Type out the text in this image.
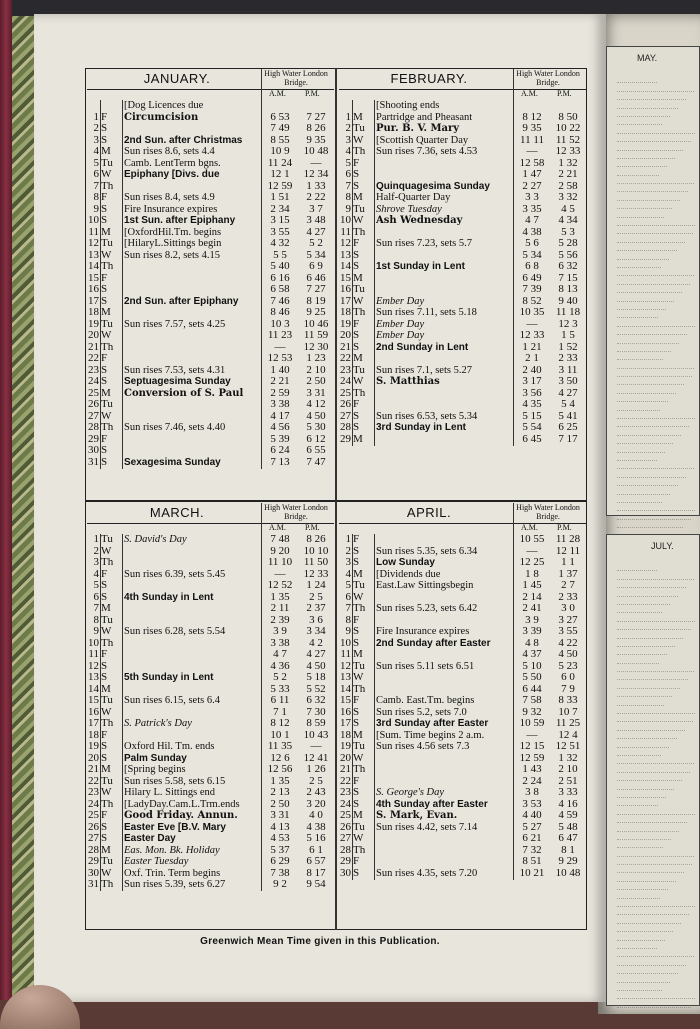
MAY.
JULY.
JANUARY.	High Water London Bridge.
A.M. P.M.
[Dog Licences due
1 F	Circumcision	6 53	7 27
2 S	7 49	8 26
3 S	2nd Sun. after Christmas	8 55	9 35
4 M	Sun rises 8.6, sets 4.4	10 9	10 48
5 Tu	Camb. LentTerm bgns.	11 24	—
6 W	Epiphany [Divs. due	12 1	12 34
7 Th	12 59	1 33
8 F	Sun rises 8.4, sets 4.9	1 51	2 22
9 S	Fire Insurance expires	2 34	3 7
10 S	1st Sun. after Epiphany	3 15	3 48
11 M	[OxfordHil.Tm. begins	3 55	4 27
12 Tu	[HilaryL.Sittings begin	4 32	5 2
13 W	Sun rises 8.2, sets 4.15	5 5	5 34
14 Th	5 40	6 9
15 F	6 16	6 46
16 S	6 58	7 27
17 S	2nd Sun. after Epiphany	7 46	8 19
18 M	8 46	9 25
19 Tu	Sun rises 7.57, sets 4.25	10 3	10 46
20 W	11 23	11 59
21 Th	—	12 30
22 F	12 53	1 23
23 S	Sun rises 7.53, sets 4.31	1 40	2 10
24 S	Septuagesima Sunday	2 21	2 50
25 M	Conversion of S. Paul	2 59	3 31
26 Tu	3 38	4 12
27 W	4 17	4 50
28 Th	Sun rises 7.46, sets 4.40	4 56	5 30
29 F	5 39	6 12
30 S	6 24	6 55
31 S	Sexagesima Sunday	7 13	7 47
FEBRUARY.	High Water London Bridge.
A.M. P.M.
[Shooting ends
1 M	Partridge and Pheasant	8 12	8 50
2 Tu	Pur. B. V. Mary	9 35	10 22
3 W	[Scottish Quarter Day	11 11	11 52
4 Th	Sun rises 7.36, sets 4.53	—	12 33
5 F	12 58	1 32
6 S	1 47	2 21
7 S	Quinquagesima Sunday	2 27	2 58
8 M	Half-Quarter Day	3 3	3 32
9 Tu	Shrove Tuesday	3 35	4 5
10 W	Ash Wednesday	4 7	4 34
11 Th	4 38	5 3
12 F	Sun rises 7.23, sets 5.7	5 6	5 28
13 S	5 34	5 56
14 S	1st Sunday in Lent	6 8	6 32
15 M	6 49	7 15
16 Tu	7 39	8 13
17 W	Ember Day	8 52	9 40
18 Th	Sun rises 7.11, sets 5.18	10 35	11 18
19 F	Ember Day	—	12 3
20 S	Ember Day	12 33	1 5
21 S	2nd Sunday in Lent	1 21	1 52
22 M	2 1	2 33
23 Tu	Sun rises 7.1, sets 5.27	2 40	3 11
24 W	S. Matthias	3 17	3 50
25 Th	3 56	4 27
26 F	4 35	5 4
27 S	Sun rises 6.53, sets 5.34	5 15	5 41
28 S	3rd Sunday in Lent	5 54	6 25
29 M	6 45	7 17
MARCH.	High Water London Bridge.
A.M. P.M.
1 Tu	S. David's Day	7 48	8 26
2 W	9 20	10 10
3 Th	11 10	11 50
4 F	Sun rises 6.39, sets 5.45	—	12 33
5 S	12 52	1 24
6 S	4th Sunday in Lent	1 35	2 5
7 M	2 11	2 37
8 Tu	2 39	3 6
9 W	Sun rises 6.28, sets 5.54	3 9	3 34
10 Th	3 38	4 2
11 F	4 7	4 27
12 S	4 36	4 50
13 S	5th Sunday in Lent	5 2	5 18
14 M	5 33	5 52
15 Tu	Sun rises 6.15, sets 6.4	6 11	6 32
16 W	7 1	7 30
17 Th	S. Patrick's Day	8 12	8 59
18 F	10 1	10 43
19 S	Oxford Hil. Tm. ends	11 35	—
20 S	Palm Sunday	12 6	12 41
21 M	[Spring begins	12 56	1 26
22 Tu	Sun rises 5.58, sets 6.15	1 35	2 5
23 W	Hilary L. Sittings end	2 13	2 43
24 Th	[LadyDay.Cam.L.Trm.ends	2 50	3 20
25 F	Good Friday. Annun.	3 31	4 0
26 S	Easter Eve [B.V. Mary	4 13	4 38
27 S	Easter Day	4 53	5 16
28 M	Eas. Mon. Bk. Holiday	5 37	6 1
29 Tu	Easter Tuesday	6 29	6 57
30 W	Oxf. Trin. Term begins	7 38	8 17
31 Th	Sun rises 5.39, sets 6.27	9 2	9 54
APRIL.	High Water London Bridge.
A.M. P.M.
1 F	10 55	11 28
2 S	Sun rises 5.35, sets 6.34	—	12 11
3 S	Low Sunday	12 25	1 1
4 M	[Dividends due	1 8	1 37
5 Tu	East.Law Sittingsbegin	1 45	2 7
6 W	2 14	2 33
7 Th	Sun rises 5.23, sets 6.42	2 41	3 0
8 F	3 9	3 27
9 S	Fire Insurance expires	3 39	3 55
10 S	2nd Sunday after Easter	4 8	4 22
11 M	4 37	4 50
12 Tu	Sun rises 5.11 sets 6.51	5 10	5 23
13 W	5 50	6 0
14 Th	6 44	7 9
15 F	Camb. East.Tm. begins	7 58	8 33
16 S	Sun rises 5.2, sets 7.0	9 32	10 7
17 S	3rd Sunday after Easter	10 59	11 25
18 M	[Sum. Time begins 2 a.m.	—	12 4
19 Tu	Sun rises 4.56 sets 7.3	12 15	12 51
20 W	12 59	1 32
21 Th	1 43	2 10
22 F	2 24	2 51
23 S	S. George's Day	3 8	3 33
24 S	4th Sunday after Easter	3 53	4 16
25 M	S. Mark, Evan.	4 40	4 59
26 Tu	Sun rises 4.42, sets 7.14	5 27	5 48
27 W	6 21	6 47
28 Th	7 32	8 1
29 F	8 51	9 29
30 S	Sun rises 4.35, sets 7.20	10 21	10 48
Greenwich Mean Time given in this Publication.
